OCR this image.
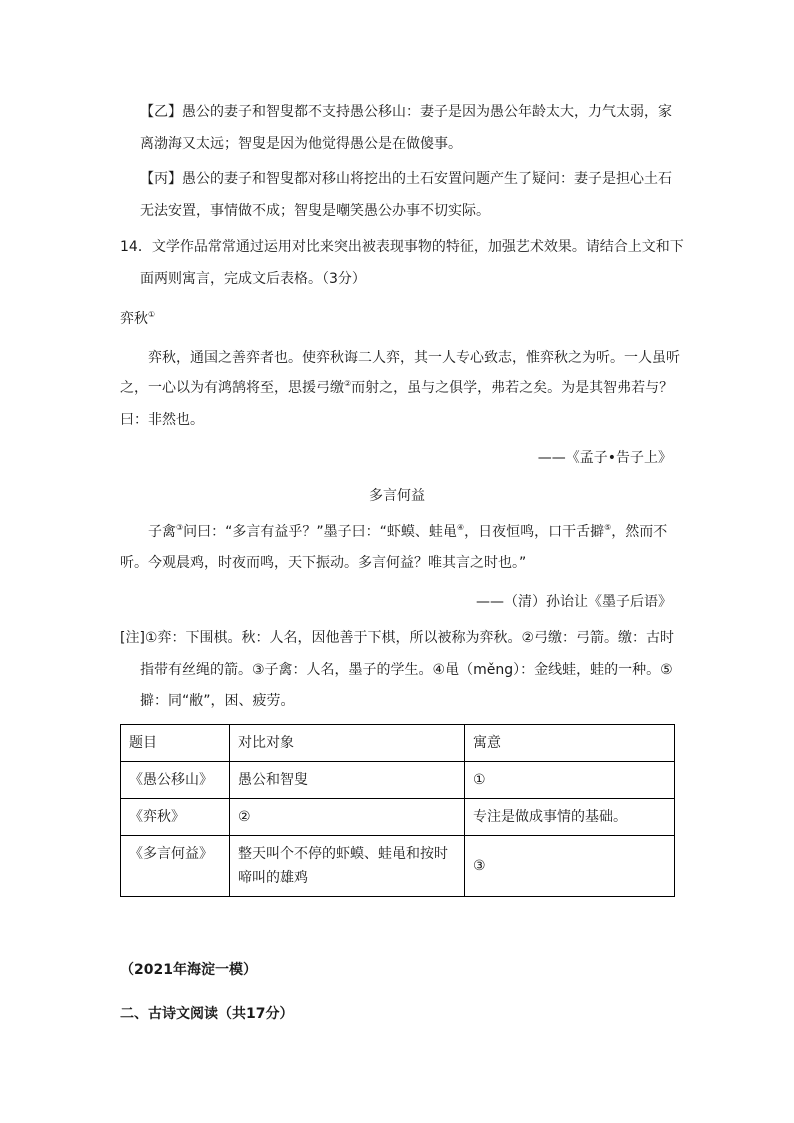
【乙】愚公的妻子和智叟都不支持愚公移山：妻子是因为愚公年龄太大，力气太弱，家
离渤海又太远；智叟是因为他觉得愚公是在做傻事。
【丙】愚公的妻子和智叟都对移山将挖出的土石安置问题产生了疑问：妻子是担心土石
无法安置，事情做不成；智叟是嘲笑愚公办事不切实际。
14．文学作品常常通过运用对比来突出被表现事物的特征，加强艺术效果。请结合上文和下
面两则寓言，完成文后表格。（3分）
弈秋①
弈秋，通国之善弈者也。使弈秋诲二人弈，其一人专心致志，惟弈秋之为听。一人虽听
之，一心以为有鸿鹄将至，思援弓缴②而射之，虽与之俱学，弗若之矣。为是其智弗若与？
曰：非然也。
——《孟子•告子上》
多言何益
子禽③问曰：“多言有益乎？”墨子曰：“虾蟆、蛙黾④，日夜恒鸣，口干舌擗⑤，然而不
听。今观晨鸡，时夜而鸣，天下振动。多言何益？唯其言之时也。”
——（清）孙诒让《墨子后语》
[注]①弈：下围棋。秋：人名，因他善于下棋，所以被称为弈秋。②弓缴：弓箭。缴：古时
指带有丝绳的箭。③子禽：人名，墨子的学生。④黾（měng）：金线蛙，蛙的一种。⑤
擗：同“敝”，困、疲劳。
题目	对比对象	寓意
《愚公移山》	愚公和智叟	①
《弈秋》	②	专注是做成事情的基础。
《多言何益》	整天叫个不停的虾蟆、蛙黾和按时啼叫的雄鸡	③
（2021年海淀一模）
二、古诗文阅读（共17分）
